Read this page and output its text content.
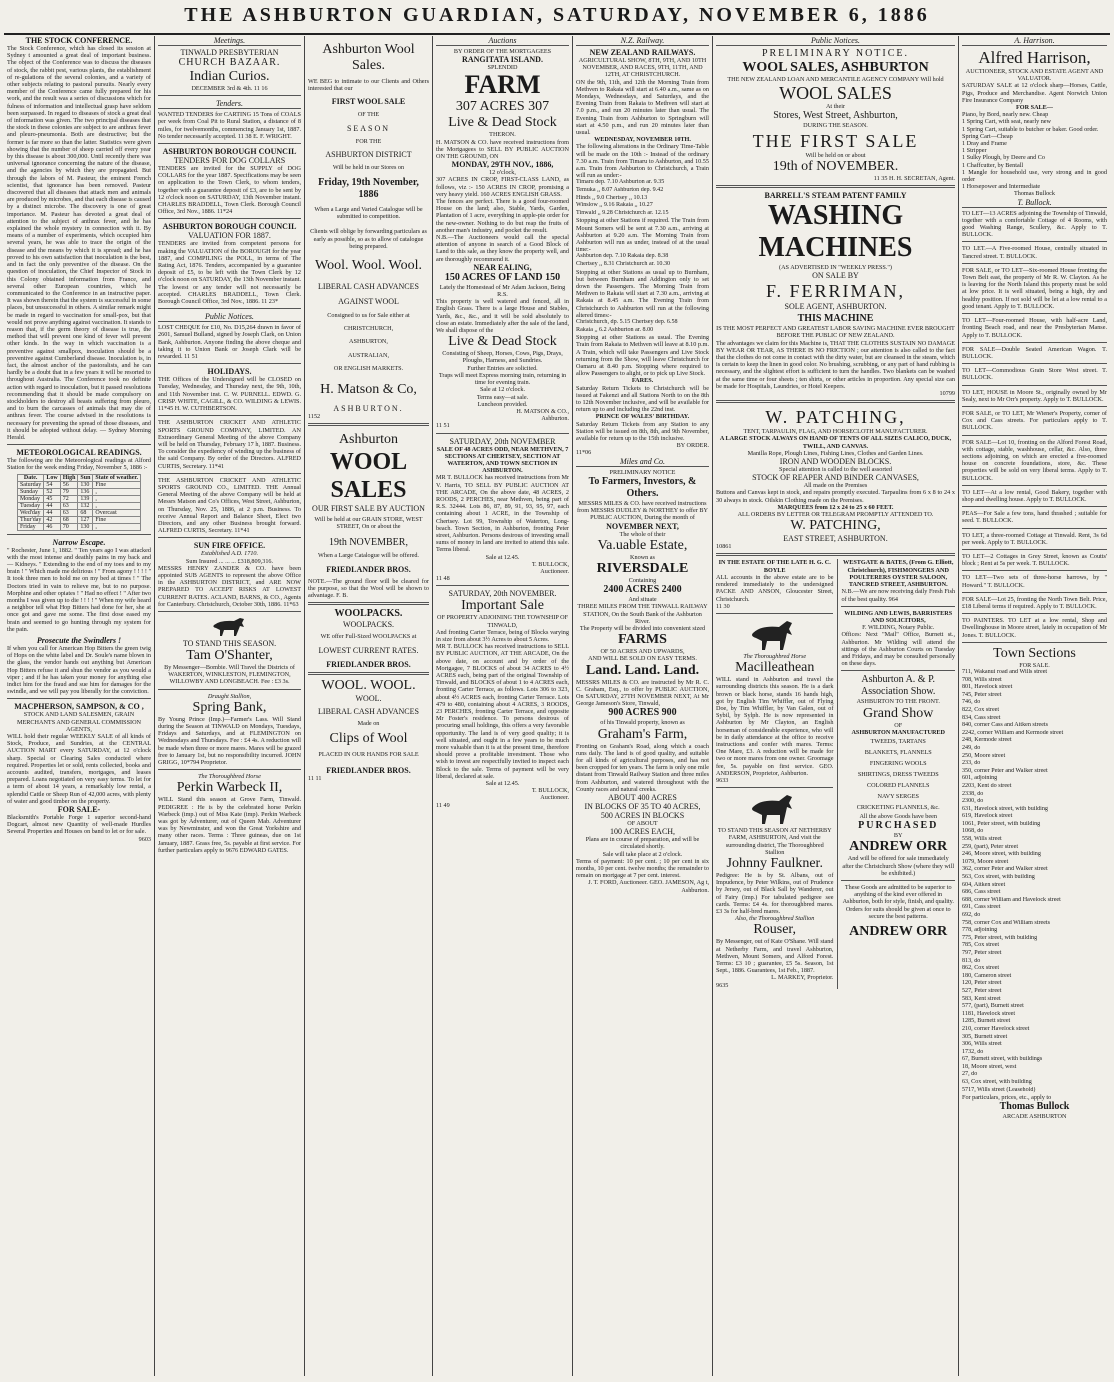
THE ASHBURTON GUARDIAN, SATURDAY, NOVEMBER 6, 1886
THE STOCK CONFERENCE.
The Stock Conference, which has closed its session at Sydney t amounted a great deal of important business. The object of the Conference was to discuss the diseases of stock, the rabbit pest, various plants, the establishment of re-gulations of the several colonies, and a variety of other subjects relating to pastoral pursuits. Nearly every member of the Conference came fully prepared for his work, and the result was a series of discussions which for fulness of information and intellectual grasp have seldom been surpassed. In regard to diseases of stock a great deal of information was given. The two principal diseases that the stock in these colonies are subject to are anthrax fever and pleuro-pneumonia. Both are destructive; but the former is far more so than the latter. Statistics were given showing that the number of sheep carried off every year by this disease is about 300,000. Until recently there was universal ignorance concerning the nature of the disease, and the agencies by which they are propagated. But through the labors of M. Pasteur, the eminent French scientist, that ignorance has been removed. Pasteur discovered that all diseases that attack men and animals are produced by microbes, and that each disease is caused by a distinct microbe. The discovery is one of great importance. M. Pasteur has devoted a great deal of attention to the subject of anthrax fever, and he has explained the whole mystery in connection with it. By means of a number of experiments, which occupied him several years, he was able to trace the origin of the disease and the means by which it is spread; and he has proved to his own satisfaction that inoculation is the best, and in fact the only preventive of the disease. On the question of inoculation, the Chief Inspector of Stock in this Colony obtained information from France, and several other European countries, which he communicated to the Conference in an instructive paper. It was shown therein that the system is successful in some places, but unsuccessful in others. A similar remark might be made in regard to vaccination for small-pox, but that would not prove anything against vaccination. It stands to reason that, if the germ theory of disease is true, the method that will prevent one kind of fever will prevent other kinds. In the way in which vaccination is a preventive against smallpox, inoculation should be a preventive against Cumberland disease. Inoculation is, in fact, the almost anchor of the pastoralists, and he can hardly be a doubt that in a few years it will be resorted to throughout Australia. The Conference took no definite action with regard to inoculation, but it passed resolutions recommending that it should be made compulsory on stockholders to destroy all beasts suffering from pleuro, and to burn the carcasses of animals that may die of anthrax fever. The course advised in the resolutions is necessary for preventing the spread of those diseases, and it should be adopted without delay. — Sydney Morning Herald.
METEOROLOGICAL READINGS.
The following are the Meteorological readings at Alford Station for the week ending Friday, November 5, 1886 :-
Date.	Low	High	Sun	State of weather.
Saturday	54	56	130	Fine
Sunday	52	79	136	,
Monday	45	72	139	,
Tuesday	44	63	132	,
Wed'day	44	63	68	Overcast
Thur'day	42	68	127	Fine
Friday	46	70	130	,
Narrow Escape.
" Rochester, June 1, 1882. " Ten years ago I was attacked with the most intense and deathly pains in my back and — Kidneys. " Extending to the end of my toes and to my brain ! " Which made me delirious ! " From agony ! ! ! ! " It took three men to hold me on my bed at times ! " The Doctors tried in vain to relieve me, but to no purpose. Morphine and other opiates ! " Had no effect ! " After two months I was given up to die ! ! ! ! " When my wife heard a neighbor tell what Hop Bitters had done for her, she at once got and gave me some. The first dose eased my brain and seemed to go hunting through my system for the pain.
Prosecute the Swindlers !
If when you call for American Hop Bitters the green twig of Hops on the white label and Dr. Soule's name blown in the glass, the vendor hands out anything but American Hop Bitters refuse it and shun the vendor as you would a viper ; and if he has taken your money for anything else indict him for the fraud and sue him for damages for the swindle, and we will pay you liberally for the conviction.
MACPHERSON, SAMPSON, & CO ,
STOCK AND LAND SALESMEN, GRAIN MERCHANTS AND GENERAL COMMISSION AGENTS,
WILL hold their regular WEEKLY SALE of all kinds of Stock, Produce, and Sundries, at the CENTRAL AUCTION MART every SATURDAY, at 12 o'clock sharp. Special or Clearing Sales conducted where required. Properties let or sold, rents collected, books and accounts audited, transfers, mortgages, and leases prepared. Loans negotiated on very easy terms. To let for a term of about 14 years, a remarkably low rental, a splendid Cattle or Sheep Run of 42,000 acres, with plenty of water and good timber on the property.
FOR SALE-
Blacksmith's Portable Forge 1 superior second-hand Dogcart, almost new Quantity of well-made Hurdles Several Properties and Houses on band to let or for sale.
9603
Meetings.
TINWALD PRESBYTERIAN
CHURCH BAZAAR.
Indian Curios.
DECEMBER 3rd & 4th. 11 16
Tenders.
WANTED TENDERS for CARTING 15 Tons of COALS per week from Coal Pit to Rural Station, a distance of 8 miles, for twelvemonths, commencing January 1st, 1887. No tender necessarily accepted. 11 38 E. F. WRIGHT.
ASHBURTON BOROUGH COUNCIL
TENDERS FOR DOG COLLARS
TENDERS are invited for the SUPPLY of DOG COLLARS for the year 1887. Specifications may be seen on application to the Town Clerk, to whom tenders, together with a guarantee deposit of £3, are to be sent by 12 o'clock noon on SATURDAY, 13th November instant. CHARLES BRADDELL, Town Clerk. Borough Council Office, 3rd Nov., 1886. 11*24
ASHBURTON BOROUGH COUNCIL
VALUATION FOR 1887.
TENDERS are invited from competent persons for making the VALUATION of the BOROUGH for the year 1887, and COMPILING the POLL, in terms of The Rating Act, 1876. Tenders, accompanied by a guarantee deposit of £5, to be left with the Town Clerk by 12 o'clock noon on SATURDAY, the 13th November instant. The lowest or any tender will not necessarily be accepted. CHARLES BRADDELL, Town Clerk. Borough Council Office, 3rd Nov., 1886. 11 23*
Public Notices.
LOST CHEQUE for £10, No. D15,264 drawn in favor of 2601, Samuel Bulland, signed by Joseph Clark, on Union Bank, Ashburton. Anyone finding the above cheque and taking it to Union Bank or Joseph Clark will be rewarded. 11 51
HOLIDAYS.
THE Offices of the Undersigned will be CLOSED on Tuesday, Wednesday, and Thursday next, the 9th, 10th, and 11th November inst. C. W. PURNELL. EDWD. G. CRISP. WHITE, CAGILL, & CO. WILDING & LEWIS. 11*45 H. W. CUTHBERTSON.
THE ASHBURTON CRICKET AND ATHLETIC SPORTS GROUND COMPANY, LIMITED. AN Extraordinary General Meeting of the above Company will be held on Thursday, February 17 h, 1887. Business. To consider the expediency of winding up the business of the said Company. By order of the Directors. ALFRED CURTIS, Secretary. 11*41
THE ASHBURTON CRICKET AND ATHLETIC SPORTS GROUND CO., LIMITED. THE Annual General Meeting of the above Company will be held at Messrs Matson and Co's Offices, West Street, Ashburton, on Thursday, Nov. 25, 1886, at 2 p.m. Business. To receive Annual Report and Balance Sheet, Elect two Directors, and any other Business brought forward. ALFRED CURTIS, Secretary. 11*41
SUN FIRE OFFICE.
Established A.D. 1710.
Sum Insured ... ... ... £318,809,316.
MESSRS HENRY ZANDER & CO. have been appointed SUB AGENTS to represent the above Office in the ASHBURTON DISTRICT, and ARE NOW PREPARED TO ACCEPT RISKS AT LOWEST CURRENT RATES. ACLAND, BARNS, & CO., Agents for Canterbury. Christchurch, October 30th, 1886. 11*63
TO STAND THIS SEASON.
Tam O'Shanter,
By Messenger—Bombie. Will Travel the Districts of WAKERTON, WINKLESTON, FLEMINGTON, WILLOWBY AND LONGBEACH. Fee : £3 3s.
Draught Stallion,
Spring Bank,
By Young Prince (Imp.)—Farmer's Lass. Will Stand during the Season at TINWALD on Mondays, Tuesdays, Fridays and Saturdays, and at FLEMINGTON on Wednesdays and Thursdays. Fee : £4 4s. A reduction will be made when three or more mares. Mares will be grazed free to January 1st, but no responsibility incurred. JOHN GRIGG, 10*794 Proprietor.
The Thoroughbred Horse
Perkin Warbeck II,
WILL Stand this season at Grove Farm, Tinwald. PEDIGREE : He is by the celebrated horse Perkin Warbeck (imp.) out of Miss Kate (imp). Perkin Warbeck was got by Adventurer, out of Queen Mab. Adventurer was by Newminster, and won the Great Yorkshire and many other races. Terms : Three guineas, due on 1st January, 1887. Grass free, 5s. payable at first service. For further particulars apply to 9676 EDWARD GATES.
Ashburton Wool Sales.
WE BEG to intimate to our Clients and Others interested that our
FIRST WOOL SALE
OF THE
SEASON
FOR THE
ASHBURTON DISTRICT
Will be held in our Stores on
Friday, 19th November, 1886
When a Large and Varied Catalogue will be submitted to competition.
Clients will oblige by forwarding particulars as early as possible, so as to allow of catalogue being prepared.
Wool. Wool. Wool.
LIBERAL CASH ADVANCES
AGAINST WOOL
Consigned to us for Sale either at
CHRISTCHURCH,
ASHBURTON,
AUSTRALIAN,
OR ENGLISH MARKETS.
H. Matson & Co,
ASHBURTON.
1152
Ashburton
WOOL SALES
OUR FIRST SALE BY AUCTION
Will be held at our GRAIN STORE, WEST STREET, On or about the
19th NOVEMBER,
When a Large Catalogue will be offered.
FRIEDLANDER BROS.
NOTE.—The ground floor will be cleared for the purpose, so that the Wool will be shown to advantage. F. B.
WOOLPACKS.
WOOLPACKS.
WE offer Full-Sized WOOLPACKS at
LOWEST CURRENT RATES.
FRIEDLANDER BROS.
WOOL. WOOL.
WOOL.
LIBERAL CASH ADVANCES
Made on
Clips of Wool
PLACED IN OUR HANDS FOR SALE
FRIEDLANDER BROS.
11 11
Auctions
BY ORDER OF THE MORTGAGEES
RANGITATA ISLAND.
SPLENDID
FARM
307 ACRES 307
Live & Dead Stock
THERON.
H. MATSON & CO. have received instructions from the Mortgagees to SELL BY PUBLIC AUCTION ON THE GROUND, ON
MONDAY, 29TH NOV., 1886,
12 o'clock,
307 ACRES IN CROP, FIRST-CLASS LAND, as follows, viz :- 150 ACRES IN CROP, promising a very heavy yield. 160 ACRES ENGLISH GRASS.
The fences are perfect. There is a good four-roomed House on the land; also, Stable, Yards, Garden, Plantation of 1 acre, everything in apple-pie order for the new-owner. Nothing to do but reap the fruits of another man's industry, and pocket the result.
N.B.—The Auctioneers would call the special attention of anyone in search of a Good Block of Land to this sale, as they know the property well, and are thoroughly recommend it.
NEAR EALING,
150 ACRES OF LAND 150
Lately the Homestead of Mr Adam Jackson, Being R.S.
This property is well watered and fenced, all in English Grass. There is a large House and Stables, Yards, &c., &c., and it will be sold absolutely to close an estate. Immediately after the sale of the land, We shall dispose of the
Live & Dead Stock
Consisting of Sheep, Horses, Cows, Pigs, Drays, Ploughs, Harness, and Sundries.
Further Entries are solicited.
Traps will meet Express morning train, returning in time for evening train.
Sale at 12 o'clock.
Terms easy—at sale.
Luncheon provided.
H. MATSON & CO.,
Ashburton.
11 51
SATURDAY, 20th NOVEMBER
SALE OF 48 ACRES ODD, NEAR METHVEN, 7 SECTIONS AT CHERTSEY, SECTION AT WATERTON, AND TOWN SECTION IN ASHBURTON.
MR T. BULLOCK has received instructions from Mr V. Harris, TO SELL BY PUBLIC AUCTION AT THE ARCADE, On the above date, 48 ACRES, 2 ROODS, 2 PERCHES, near Methven, being part of R.S. 32444. Lots 86, 87, 89, 91, 93, 95, 97, each containing about 1 ACRE, in the Township of Chertsey. Lot 99, Township of Waterton, Long-beach. Town Section, in Ashburton, fronting Peter street, Ashburton. Persons desirous of investing small sums of money in land are invited to attend this sale. Terms liberal.
Sale at 12.45.
T. BULLOCK,
Auctioneer.
11 48
SATURDAY, 20th NOVEMBER.
Important Sale
OF PROPERTY ADJOINING THE TOWNSHIP OF TINWALD,
And fronting Carter Terrace, being of Blocks varying in size from about 3½ Acres to about 5 Acres.
MR T. BULLOCK has received instructions to SELL BY PUBLIC AUCTION, AT THE ARCADE, On the above date, on account and by order of the Mortgagee, 7 BLOCKS of about 34 ACRES to 4½ ACRES each, being part of the original Township of Tinwald, and BLOCKS of about 1 to 4 ACRES each, fronting Carter Terrace, as follows. Lots 306 to 323, about 4½ ACRES each, fronting Carter Terrace. Lots 479 to 480, containing about 4 ACRES, 3 ROODS, 23 PERCHES, fronting Carter Terrace, and opposite Mr Foster's residence. To persons desirous of procuring small holdings, this offers a very favorable opportunity. The land is of very good quality; it is well situated, and ought in a few years to be much more valuable than it is at the present time, therefore should prove a profitable investment. Those who wish to invest are respectfully invited to inspect each Block to the sale. Terms of payment will be very liberal, declared at sale.
Sale at 12.45.
T. BULLOCK,
Auctioneer.
11 49
N.Z. Railway.
NEW ZEALAND RAILWAYS.
AGRICULTURAL SHOW, 8TH, 9TH, AND 10TH NOVEMBER, AND RACES, 9TH, 11TH, AND 12TH, AT CHRISTCHURCH.
ON the 9th, 11th, and 12th the Morning Train from Methven to Rakaia will start at 6.40 a.m., same as on Mondays, Wednesdays, and Saturdays, and the Evening Train from Rakaia to Methven will start at 7.0 p.m., and run 20 minutes later than usual. The Evening Train from Ashburton to Springburn will start at 4.50 p.m., and run 20 minutes later than usual.
WEDNESDAY, NOVEMBER 10TH.
The following alterations in the Ordinary Time-Table will be made on the 10th :- Instead of the ordinary 7.30 a.m. Train from Timaru to Ashburton, and 10.55 a.m. Train from Ashburton to Christchurch, a Train will run as under:-
Timaru dep. 7.10 Ashburton ar. 9.35
Temuka ,, 8.07 Ashburton dep. 9.42
Hinds ,, 9.0 Chertsey ,, 10.13
Winslow ,, 9.16 Rakaia ,, 10.27
Tinwald ,, 9.28 Christchurch ar. 12.15
Stopping at other Stations if required. The Train from Mount Somers will be sent at 7.30 a.m., arriving at Ashburton at 9.20 a.m. The Morning Train from Ashburton will run as under, instead of at the usual time:-
Ashburton dep. 7.10 Rakaia dep. 8.38
Chertsey ,, 8.31 Christchurch ar. 10.30
Stopping at other Stations as usual up to Burnham, but between Burnham and Addington only to set down the Passengers. The Morning Train from Methven to Rakaia will start at 7.30 a.m., arriving at Rakaia at 8.45 a.m. The Evening Train from Christchurch to Ashburton will run at the following altered times:-
Christchurch, dp. 5.15 Chertsey dep. 6.58
Rakaia ,, 6.2 Ashburton ar. 8.00
Stopping at other Stations as usual. The Evening Train from Rakaia to Methven will leave at 8.10 p.m. A Train, which will take Passengers and Live Stock returning from the Show, will leave Christchurch for Oamaru at 8.40 p.m. Stopping where required to allow Passengers to alight, or to pick up Live Stock.
FARES.
Saturday Return Tickets to Christchurch will be issued at Fakenzi and all Stations North to on the 8th to 12th November inclusive, and will be available for return up to and including the 22nd inst.
PRINCE OF WALES' BIRTHDAY.
Saturday Return Tickets from any Station to any Station will be issued on 8th, 8th, and 9th November, available for return up to the 15th inclusive.
BY ORDER.
11*06
Miles and Co.
PRELIMINARY NOTICE
To Farmers, Investors, & Others.
MESSRS MILES & CO. have received instructions from MESSRS DUDLEY & NORTHEY to offer BY PUBLIC AUCTION, During the month of
NOVEMBER NEXT,
The whole of their
Va.uable Estate,
Known as
RIVERSDALE
Containing
2400 ACRES 2400
And situate
THREE MILES FROM THE TINWALL RAILWAY STATION, On the South Bank of the Ashburton River.
The Property will be divided into convenient sized
FARMS
OF 50 ACRES AND UPWARDS,
AND WILL BE SOLD ON EASY TERMS.
Land. Land. Land.
MESSRS MILES & CO. are instructed by Mr R. C. C. Graham, Esq., to offer by PUBLIC AUCTION, On SATURDAY, 27TH NOVEMBER NEXT, At Mr George Jameson's Store, Tinwald,
900 ACRES 900
of his Tinwald property, known as
Graham's Farm,
Fronting on Graham's Road, along which a coach runs daily. The land is of good quality, and suitable for all kinds of agricultural purposes, and has not been cropped for ten years. The farm is only one mile distant from Tinwald Railway Station and three miles from Ashburton, and watered throughout with the County races and natural creeks.
ABOUT 400 ACRES
IN BLOCKS OF 35 TO 40 ACRES,
500 ACRES IN BLOCKS
OF ABOUT
100 ACRES EACH,
Plans are in course of preparation, and will be circulated shortly.
Sale will take place at 2 o'clock.
Terms of payment: 10 per cent. ; 10 per cent in six months, 10 per cent. twelve months; the remainder to remain on mortgage at 7 per cent. interest.
J. T. FORD, Auctioneer. GEO. JAMESON, Ag t, Ashburton.
Public Notices.
PRELIMINARY NOTICE.
WOOL SALES, ASHBURTON
THE NEW ZEALAND LOAN AND MERCANTILE AGENCY COMPANY Will hold
WOOL SALES
At their
Stores, West Street, Ashburton,
DURING THE SEASON.
THE FIRST SALE
Will be held on or about
19th of NOVEMBER.
11 35 H. H. SECRETAN, Agent.
BARRELL'S STEAM PATENT FAMILY
WASHING MACHINES
(AS ADVERTISED IN "WEEKLY PRESS.")
ON SALE BY
F. FERRIMAN,
SOLE AGENT, ASHBURTON.
THIS MACHINE
IS THE MOST PERFECT AND GREATEST LABOR SAVING MACHINE EVER BROUGHT BEFORE THE PUBLIC OF NEW ZEALAND.
The advantages we claim for this Machine is, THAT THE CLOTHES SUSTAIN NO DAMAGE BY WEAR OR TEAR, AS THERE IS NO FRICTION ; our attention is also called to the fact that the clothes do not come in contact with the dirty water, but are cleansed in the steam, which is certain to keep the linen in good color. No brushing, scrubbing, or any part of hand rubbing is necessary, and the slightest effort is sufficient to turn the handles. Two blankets can be washed at the same time or four sheets ; ten shirts, or other articles in proportion. Any special size can be made for Hospitals, Laundries, or Hotel Keepers.
10799
W. PATCHING,
TENT, TARPAULIN, FLAG, AND HORSECLOTH MANUFACTURER.
A LARGE STOCK ALWAYS ON HAND OF TENTS OF ALL SIZES CALICO, DUCK, TWILL, AND CANVAS.
Manilla Rope, Plough Lines, Fishing Lines, Clothes and Garden Lines.
IRON AND WOODEN BLOCKS.
Special attention is called to the well assorted
STOCK OF REAPER AND BINDER CANVASES,
All made on the Premises
Buttons and Canvas kept in stock, and repairs promptly executed. Tarpaulins from 6 x 8 to 24 x 30 always in stock. Oilskin Clothing made on the Premises.
MARQUEES from 12 x 24 to 25 x 60 FEET.
ALL ORDERS BY LETTER OR TELEGRAM PROMPTLY ATTENDED TO.
W. PATCHING,
EAST STREET, ASHBURTON.
10861
IN THE ESTATE OF THE LATE H. G. C. BOYLE
ALL accounts in the above estate are to be rendered immediately to the undersigned PACKE AND ANSON, Gloucester Street, Christchurch.
11 30
The Thoroughbred Horse
Macilleathean
WILL stand in Ashburton and travel the surrounding districts this season. He is a dark brown or black horse, stands 16 hands high, got by English Tim Whiffler, out of Flying Doe, by Tim Whiffler, by Van Galen, out of Sybil, by Sylph. He is now represented in Ashburton by Mr Clayton, an English horseman of considerable experience, who will be in daily attendance at the office to receive instructions and confer with mares. Terms: One Mare, £3. A reduction will be made for two or more mares from one owner. Groomage fee, 5s. payable on first service. GEO. ANDERSON, Proprietor, Ashburton.
9633
TO STAND THIS SEASON AT NETHERBY FARM, ASHBURTON, And visit the surrounding district, The Thoroughbred Stallion
Johnny Faulkner.
Pedigree: He is by St. Albans, out of Impudence, by Peter Wilkins, out of Prudence by Jersey, out of Black Sall by Wanderer, out of Fairy (imp.) For tabulated pedigree see cards. Terms: £4 4s. for thoroughbred mares. £3 3s for half-bred mares.
Also, the Thoroughbred Stallion
Rouser,
By Messenger, out of Kate O'Shane. Will stand at Netherby Farm, and travel Ashburton, Methven, Mount Somers, and Alford Forest. Terms: £3 10 ; guarantee, £5 5s. Season, 1st Sept., 1886. Guarantees, 1st Feb., 1887.
L. MARKEY, Proprietor.
9635
WESTGATE & BATES, (From G. Elliott, Christchurch), FISHMONGERS AND POULTERERS OYSTER SALOON, TANCRED STREET, ASHBURTON.
N.B.—We are now receiving daily Fresh Fish of the best quality. 964
WILDING AND LEWIS, BARRISTERS AND SOLICITORS,
F. WILDING, Notary Public.
Offices: Next "Mail" Office, Burnett st., Ashburton. Mr Wilding will attend the sittings of the Ashburton Courts on Tuesday and Fridays, and may be consulted personally on these days.
Ashburton A. & P. Association Show.
ASHBURTON TO THE FRONT.
Grand Show
OF
ASHBURTON MANUFACTURED
TWEEDS, TARTANS
BLANKETS, FLANNELS
FINGERING WOOLS
SHIRTINGS, DRESS TWEEDS
COLORED FLANNELS
NAVY SERGES
CRICKETING FLANNELS, &c.
All the above Goods have been
PURCHASED
BY
ANDREW ORR
And will be offered for sale immediately after the Christchurch Show (where they will be exhibited.)
These Goods are admitted to be superior to anything of the kind ever offered in Ashburton, both for style, finish, and quality. Orders for suits should be given at once to secure the best patterns.
ANDREW ORR
A. Harrison.
Alfred Harrison,
AUCTIONEER, STOCK AND ESTATE AGENT AND VALUATOR.
SATURDAY SALE at 12 o'clock sharp—Horses, Cattle, Pigs, Produce and Merchandise. Agent Norwich Union Fire Insurance Company
FOR SALE—
Piano, by Bord, nearly new. Cheap
1 Spring Cart, with seat, nearly new
1 Spring Cart, suitable to butcher or baker. Good order.
Spring Cart—Cheap
1 Dray and Frame
1 Stripper
1 Sulky Plough, by Deere and Co
1 Chaffcutter, by Bentall
1 Mangle for household use, very strong and in good order
1 Horsepower and Intermediate
Thomas Bullock
T. Bullock.
TO LET—13 ACRES adjoining the Township of Tinwald, together with a comfortable Cottage of 4 Rooms, with good Washing Range, Scullery, &c. Apply to T. BULLOCK.
TO LET.—A Five-roomed House, centrally situated in Tancred street. T. BULLOCK.
FOR SALE, or TO LET—Six-roomed House fronting the Town Belt east, the property of Mr R. W. Clayton. As he is leaving for the North Island this property must be sold at low price. It is well situated, being a high, dry and healthy position. If not sold will be let at a low rental to a good tenant. Apply to T. BULLOCK.
TO LET—Four-roomed House, with half-acre Land, fronting Beach road, and near the Presbyterian Manse. Apply to T. BULLOCK.
FOR SALE—Double Seated American Wagon. T. BULLOCK.
TO LET—Commodious Grain Store West street. T. BULLOCK.
TO LET, HOUSE in Moore St., originally owned by Mr Sealy, next to Mr Orr's property. Apply to T. BULLOCK.
FOR SALE, or TO LET, Mr Wiener's Property, corner of Cox and Cass streets. For particulars apply to T. BULLOCK.
FOR SALE—Lot 10, fronting on the Alford Forest Road, with cottage, stable, washhouse, cellar, &c. Also, three sections adjoining, on which are erected a five-roomed house on concrete foundations, store, &c. These properties will be sold on very liberal terms. Apply to T. BULLOCK.
TO LET—At a low rental, Good Bakery, together with shop and dwelling house. Apply to T. BULLOCK.
PEAS—For Sale a few tons, hand thrashed ; suitable for seed. T. BULLOCK.
TO LET, a three-roomed Cottage at Tinwald. Rent, 3s 6d per week. Apply to T. BULLOCK.
TO LET—2 Cottages in Grey Street, known as Coutts' block ; Rent at 5s per week. T. BULLOCK.
TO LET—Two sets of three-horse harrows, by " Howard." T. BULLOCK.
FOR SALE—Lot 25, fronting the North Town Belt. Price, £18 Liberal terms if required. Apply to T. BULLOCK.
TO PAINTERS. TO LET at a low rental, Shop and Dwellinghouse in Moore street, lately in occupation of Mr Jones. T. BULLOCK.
Town Sections
FOR SALE.
711, Wakanui road and Wills street
708, Wills street
801, Havelock street
745, Peter street
746, do
822, Cox street
834, Cass street
840, corner Cass and Aitken streets
2242, corner William and Kermode street
248, Kermode street
249, do
250, Moore street
233, do
350, corner Peter and Walker street
601, adjoining
2203, Kent do street
2338, do
2300, do
631, Havelock street, with building
619, Havelock street
1061, Peter street, with building
1068, do
558, Wills street
259, (part), Peter street
246, Moore street, with building
1079, Moore street
362, corner Peter and Walker street
563, Cox street, with building
604, Aitken street
686, Cass street
688, corner William and Havelock street
691, Cass street
692, do
758, corner Cox and William streets
778, adjoining
775, Peter street, with building
785, Cox street
797, Peter street
813, do
862, Cox street
180, Cameron street
120, Peter street
527, Peter street
583, Kent street
577, (part), Burnett street
1181, Havelock street
1285, Burnett street
210, corner Havelock street
305, Burnett street
306, Wills street
1732, do
67, Burnett street, with buildings
18, Moore street, west
27, do
63, Cox street, with building
5717, Wills street (Leasehold)
For particulars, prices, etc., apply to
Thomas Bullock
ARCADE ASHBURTON
